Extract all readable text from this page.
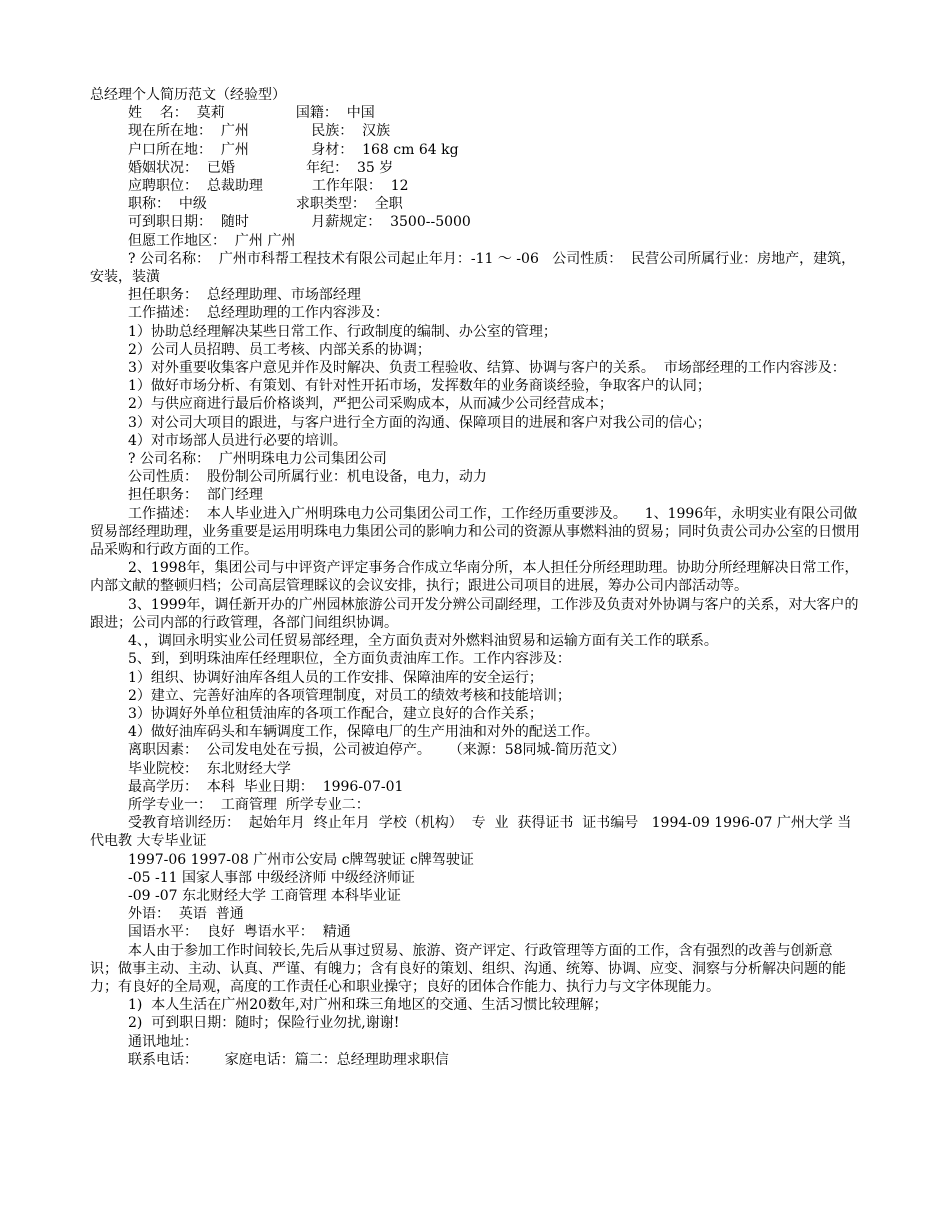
总经理个人简历范文（经验型）

姓    名：  莫莉                国籍：  中国

现在所在地：  广州              民族：  汉族

户口所在地：  广州              身材：  168 cm 64 kg

婚姻状况：  已婚                年纪：  35 岁

应聘职位：  总裁助理           工作年限：  12

职称：  中级                    求职类型：  全职

可到职日期：  随时              月薪规定：  3500--5000

但愿工作地区：  广州 广州

? 公司名称：  广州市科帮工程技术有限公司起止年月：-11 ～ -06   公司性质：  民营公司所属行业：房地产，建筑，安装，装潢

担任职务：  总经理助理、市场部经理

工作描述：  总经理助理的工作内容涉及：

1）协助总经理解决某些日常工作、行政制度的编制、办公室的管理；

2）公司人员招聘、员工考核、内部关系的协调；

3）对外重要收集客户意见并作及时解决、负责工程验收、结算、协调与客户的关系。  市场部经理的工作内容涉及：

1）做好市场分析、有策划、有针对性开拓市场，发挥数年的业务商谈经验，争取客户的认同；

2）与供应商进行最后价格谈判，严把公司采购成本，从而减少公司经营成本；

3）对公司大项目的跟进，与客户进行全方面的沟通、保障项目的进展和客户对我公司的信心；

4）对市场部人员进行必要的培训。

? 公司名称：  广州明珠电力公司集团公司

公司性质：  股份制公司所属行业：机电设备，电力，动力

担任职务：  部门经理

工作描述：  本人毕业进入广州明珠电力公司集团公司工作，工作经历重要涉及。    1、1996年，永明实业有限公司做贸易部经理助理，业务重要是运用明珠电力集团公司的影响力和公司的资源从事燃料油的贸易；同时负责公司办公室的日惯用品采购和行政方面的工作。

2、1998年，集团公司与中评资产评定事务合作成立华南分所，本人担任分所经理助理。协助分所经理解决日常工作，内部文献的整顿归档；公司高层管理睬议的会议安排，执行；跟进公司项目的进展，筹办公司内部活动等。

3、1999年，调任新开办的广州园林旅游公司开发分辨公司副经理，工作涉及负责对外协调与客户的关系，对大客户的跟进；公司内部的行政管理，各部门间组织协调。

4、，调回永明实业公司任贸易部经理，全方面负责对外燃料油贸易和运输方面有关工作的联系。

5、到，到明珠油库任经理职位，全方面负责油库工作。工作内容涉及：

1）组织、协调好油库各组人员的工作安排、保障油库的安全运行；

2）建立、完善好油库的各项管理制度，对员工的绩效考核和技能培训；

3）协调好外单位租赁油库的各项工作配合，建立良好的合作关系；

4）做好油库码头和车辆调度工作，保障电厂的生产用油和对外的配送工作。

离职因素：  公司发电处在亏损，公司被迫停产。    （来源：58同城-简历范文）

毕业院校：  东北财经大学

最高学历：  本科  毕业日期：  1996-07-01

所学专业一：  工商管理  所学专业二：

受教育培训经历：  起始年月  终止年月  学校（机构）  专  业  获得证书  证书编号   1994-09 1996-07 广州大学 当代电教 大专毕业证

1997-06 1997-08 广州市公安局 c牌驾驶证 c牌驾驶证

-05 -11 国家人事部 中级经济师 中级经济师证

-09 -07 东北财经大学 工商管理 本科毕业证

外语：  英语  普通

国语水平：  良好  粤语水平：  精通

本人由于参加工作时间较长,先后从事过贸易、旅游、资产评定、行政管理等方面的工作，含有强烈的改善与创新意识；做事主动、主动、认真、严谨、有魄力；含有良好的策划、组织、沟通、统筹、协调、应变、洞察与分析解决问题的能力；有良好的全局观，高度的工作责任心和职业操守；良好的团体合作能力、执行力与文字体现能力。

1)  本人生活在广州20数年,对广州和珠三角地区的交通、生活习惯比较理解；

2)  可到职日期：随时；保险行业勿扰,谢谢!

通讯地址：

联系电话：      家庭电话：篇二：总经理助理求职信
